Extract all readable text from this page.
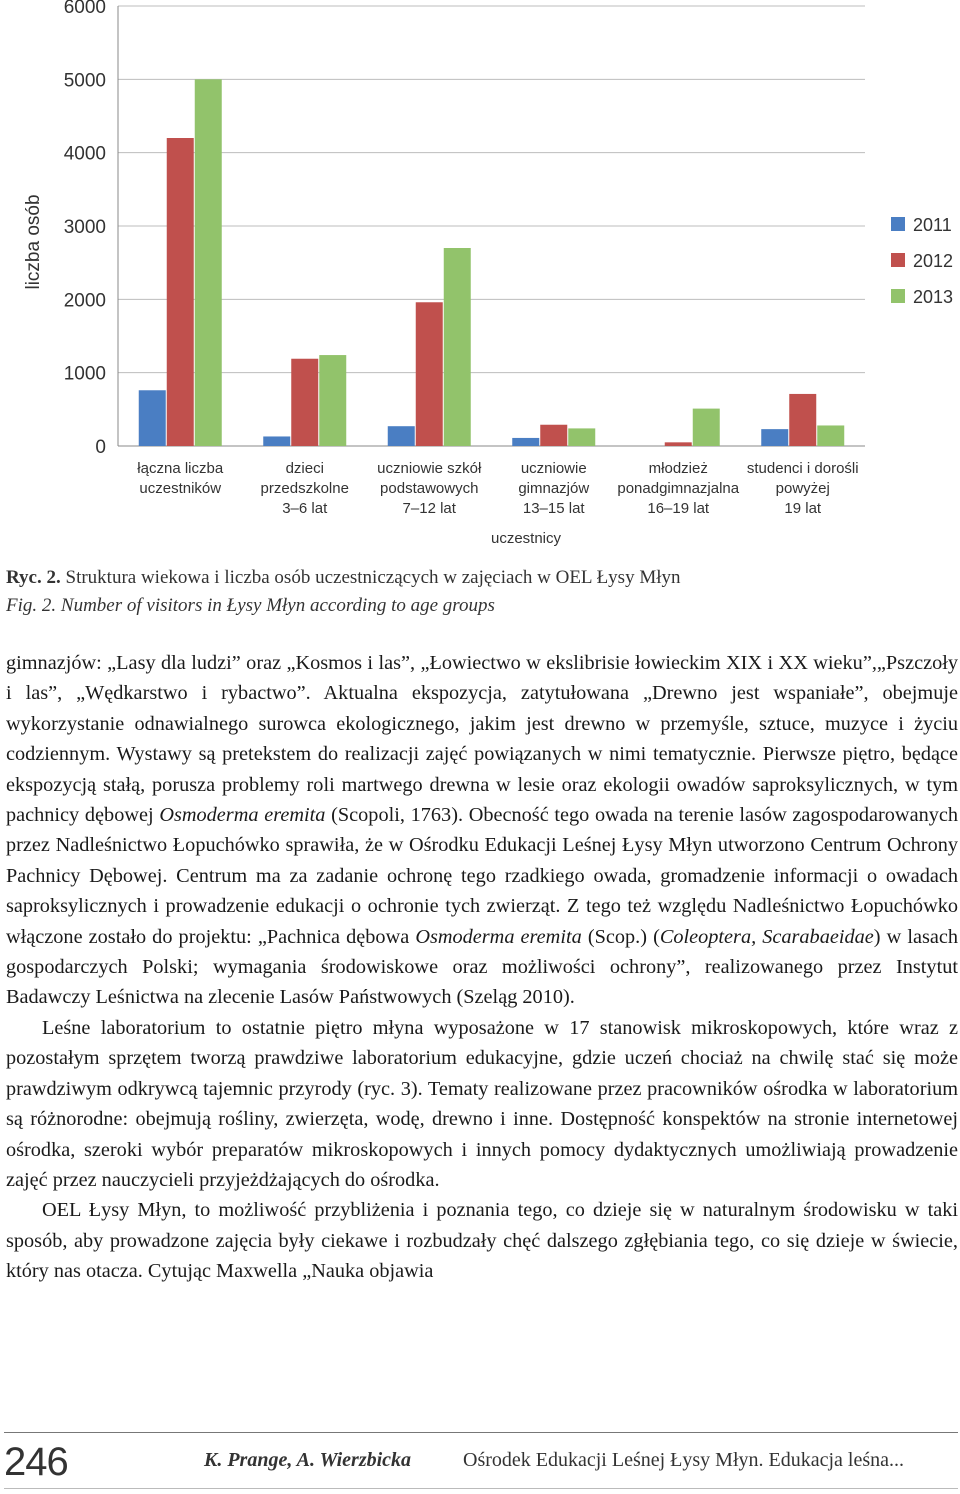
0
1000
2000
3000
4000
5000
6000
łączna liczba uczestników
dzieci przedszkolne 3–6 lat
uczniowie szkół podstawowych 7–12 lat
uczniowie gimnazjów 13–15 lat
młodzież ponadgimnazjalna 16–19 lat
studenci i dorośli powyżej 19 lat
2011
2012
2013
liczba osób
uczestnicy
Ryc. 2. Struktura wiekowa i liczba osób uczestniczących w zajęciach w OEL Łysy Młyn
Fig. 2. Number of visitors in Łysy Młyn according to age groups

gimnazjów: „Lasy dla ludzi” oraz „Kosmos i las”, „Łowiectwo w ekslibrisie łowieckim XIX i XX wieku”,„Pszczoły i las”, „Wędkarstwo i rybactwo”. Aktualna ekspozycja, zatytułowana „Drewno jest wspaniałe”, obejmuje wykorzystanie odnawialnego surowca ekologicznego, jakim jest drewno w przemyśle, sztuce, muzyce i życiu codziennym. Wystawy są pretekstem do realizacji zajęć powiązanych w nimi tematycznie. Pierwsze piętro, będące ekspozycją stałą, porusza problemy roli martwego drewna w lesie oraz ekologii owadów saproksylicznych, w tym pachnicy dębowej Osmoderma eremita (Scopoli, 1763). Obecność tego owada na terenie lasów zagospodarowanych przez Nadleśnictwo Łopuchówko sprawiła, że w Ośrodku Edukacji Leśnej Łysy Młyn utworzono Centrum Ochrony Pachnicy Dębowej. Centrum ma za zadanie ochronę tego rzadkiego owada, gromadzenie informacji o owadach saproksylicznych i prowadzenie edukacji o ochronie tych zwierząt. Z tego też względu Nadleśnictwo Łopuchówko włączone zostało do projektu: „Pachnica dębowa Osmoderma eremita (Scop.) (Coleoptera, Scarabaeidae) w lasach gospodarczych Polski; wymagania środowiskowe oraz możliwości ochrony”, realizowanego przez Instytut Badawczy Leśnictwa na zlecenie Lasów Państwowych (Szeląg 2010).

Leśne laboratorium to ostatnie piętro młyna wyposażone w 17 stanowisk mikroskopowych, które wraz z pozostałym sprzętem tworzą prawdziwe laboratorium edukacyjne, gdzie uczeń chociaż na chwilę stać się może prawdziwym odkrywcą tajemnic przyrody (ryc. 3). Tematy realizowane przez pracowników ośrodka w laboratorium są różnorodne: obejmują rośliny, zwierzęta, wodę, drewno i inne. Dostępność konspektów na stronie internetowej ośrodka, szeroki wybór preparatów mikroskopowych i innych pomocy dydaktycznych umożliwiają prowadzenie zajęć przez nauczycieli przyjeżdżających do ośrodka.

OEL Łysy Młyn, to możliwość przybliżenia i poznania tego, co dzieje się w naturalnym środowisku w taki sposób, aby prowadzone zajęcia były ciekawe i rozbudzały chęć dalszego zgłębiania tego, co się dzieje w świecie, który nas otacza. Cytując Maxwella „Nauka objawia

246	K. Prange, A. Wierzbicka	Ośrodek Edukacji Leśnej Łysy Młyn. Edukacja leśna...
